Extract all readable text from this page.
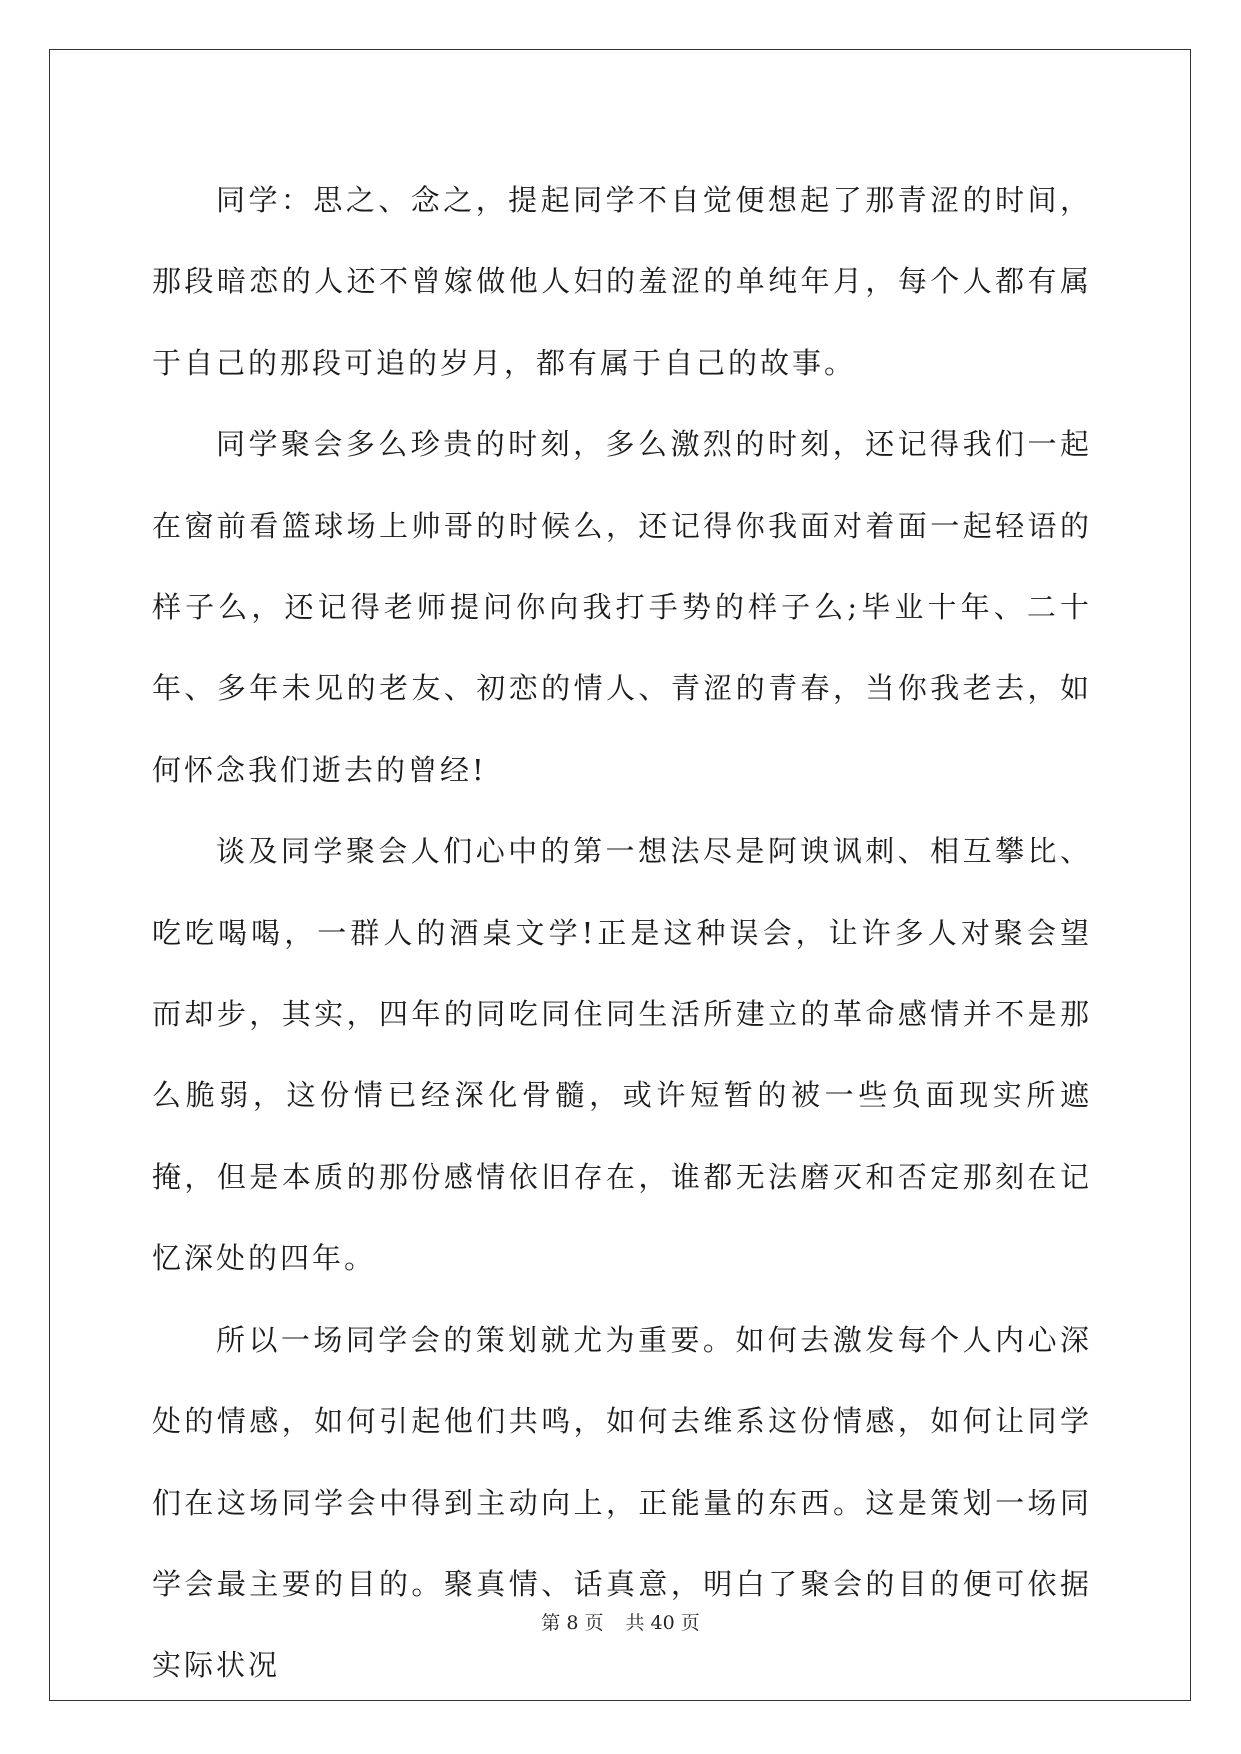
同学：思之、念之，提起同学不自觉便想起了那青涩的时间，那段暗恋的人还不曾嫁做他人妇的羞涩的单纯年月，每个人都有属于自己的那段可追的岁月，都有属于自己的故事。

同学聚会多么珍贵的时刻，多么激烈的时刻，还记得我们一起在窗前看篮球场上帅哥的时候么，还记得你我面对着面一起轻语的样子么，还记得老师提问你向我打手势的样子么;毕业十年、二十年、多年未见的老友、初恋的情人、青涩的青春，当你我老去，如何怀念我们逝去的曾经!

谈及同学聚会人们心中的第一想法尽是阿谀讽刺、相互攀比、吃吃喝喝，一群人的酒桌文学!正是这种误会，让许多人对聚会望而却步，其实，四年的同吃同住同生活所建立的革命感情并不是那么脆弱，这份情已经深化骨髓，或许短暂的被一些负面现实所遮掩，但是本质的那份感情依旧存在，谁都无法磨灭和否定那刻在记忆深处的四年。

所以一场同学会的策划就尤为重要。如何去激发每个人内心深处的情感，如何引起他们共鸣，如何去维系这份情感，如何让同学们在这场同学会中得到主动向上，正能量的东西。这是策划一场同学会最主要的目的。聚真情、话真意，明白了聚会的目的便可依据实际状况

第 8 页 共 40 页
